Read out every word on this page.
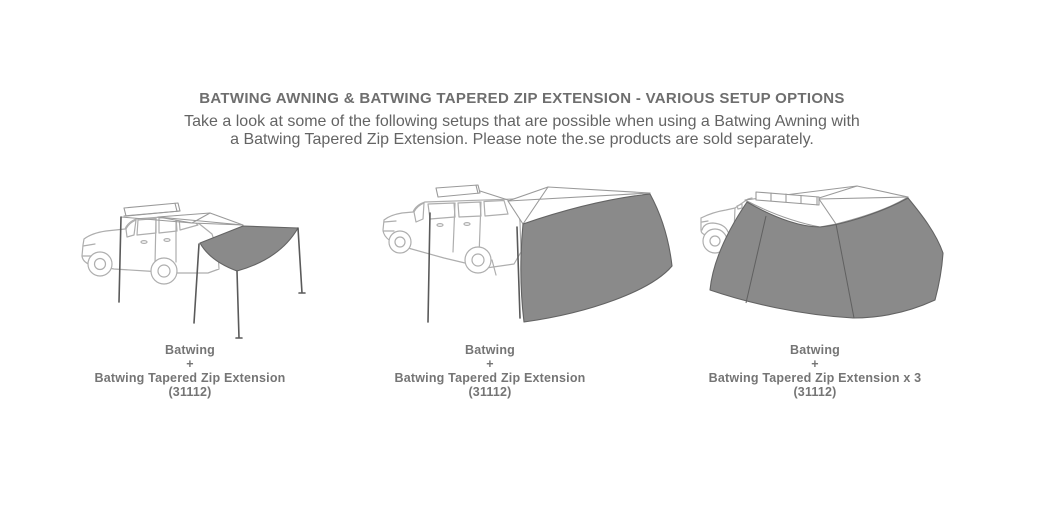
BATWING AWNING & BATWING TAPERED ZIP EXTENSION - VARIOUS SETUP OPTIONS

Take a look at some of the following setups that are possible when using a Batwing Awning with

a Batwing Tapered Zip Extension. Please note the.se products are sold separately.

Batwing
+
Batwing Tapered Zip Extension
(31112)
Batwing
+
Batwing Tapered Zip Extension
(31112)
Batwing
+
Batwing Tapered Zip Extension x 3
(31112)
